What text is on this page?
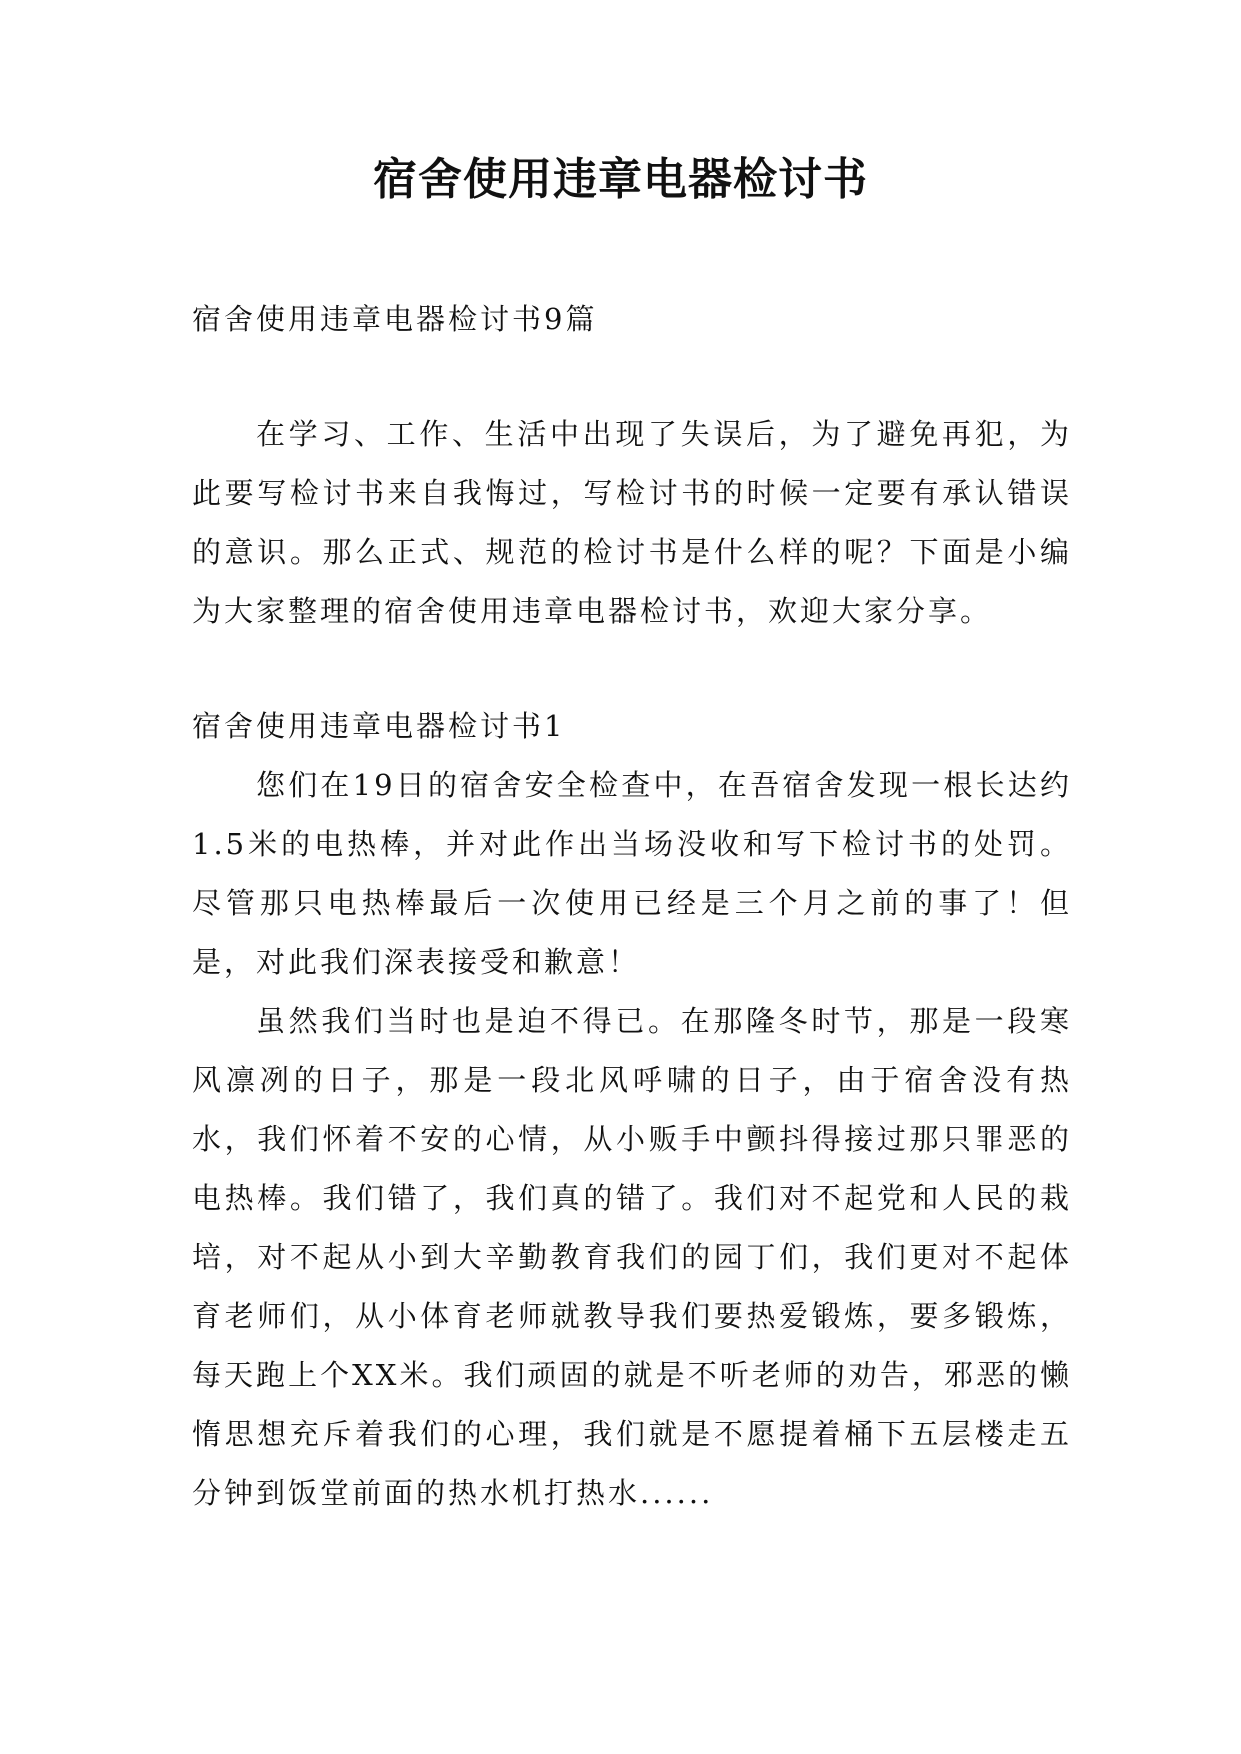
宿舍使用违章电器检讨书

宿舍使用违章电器检讨书9篇

在学习、工作、生活中出现了失误后，为了避免再犯，为此要写检讨书来自我悔过，写检讨书的时候一定要有承认错误的意识。那么正式、规范的检讨书是什么样的呢？下面是小编为大家整理的宿舍使用违章电器检讨书，欢迎大家分享。

宿舍使用违章电器检讨书1

您们在19日的宿舍安全检查中，在吾宿舍发现一根长达约1.5米的电热棒，并对此作出当场没收和写下检讨书的处罚。尽管那只电热棒最后一次使用已经是三个月之前的事了！但是，对此我们深表接受和歉意！

虽然我们当时也是迫不得已。在那隆冬时节，那是一段寒风凛冽的日子，那是一段北风呼啸的日子，由于宿舍没有热水，我们怀着不安的心情，从小贩手中颤抖得接过那只罪恶的电热棒。我们错了，我们真的错了。我们对不起党和人民的栽培，对不起从小到大辛勤教育我们的园丁们，我们更对不起体育老师们，从小体育老师就教导我们要热爱锻炼，要多锻炼，每天跑上个XX米。我们顽固的就是不听老师的劝告，邪恶的懒惰思想充斥着我们的心理，我们就是不愿提着桶下五层楼走五分钟到饭堂前面的热水机打热水......
